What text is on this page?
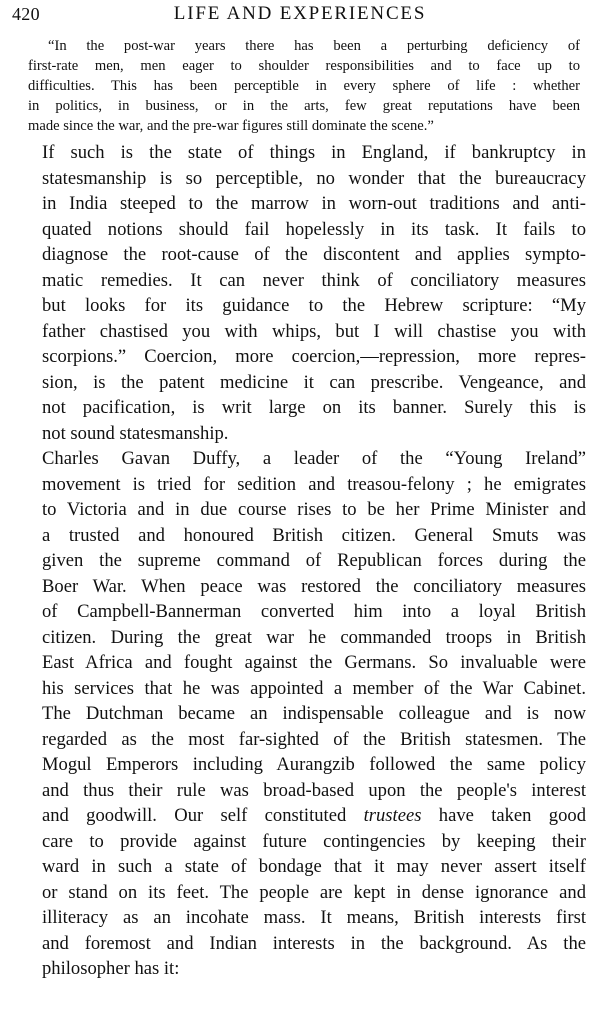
420	LIFE AND EXPERIENCES

“In the post-war years there has been a perturbing deficiency of
first-rate men, men eager to shoulder responsibilities and to face up to
difficulties. This has been perceptible in every sphere of life : whether
in politics, in business, or in the arts, few great reputations have been
made since the war, and the pre-war figures still dominate the scene.”

If such is the state of things in England, if bankruptcy in
statesmanship is so perceptible, no wonder that the bureaucracy
in India steeped to the marrow in worn-out traditions and anti-
quated notions should fail hopelessly in its task. It fails to
diagnose the root-cause of the discontent and applies sympto-
matic remedies. It can never think of conciliatory measures
but looks for its guidance to the Hebrew scripture: “My
father chastised you with whips, but I will chastise you with
scorpions.” Coercion, more coercion,—repression, more repres-
sion, is the patent medicine it can prescribe. Vengeance, and
not pacification, is writ large on its banner. Surely this is
not sound statesmanship.

Charles Gavan Duffy, a leader of the “Young Ireland”
movement is tried for sedition and treasou-felony ; he emigrates
to Victoria and in due course rises to be her Prime Minister and
a trusted and honoured British citizen. General Smuts was
given the supreme command of Republican forces during the
Boer War. When peace was restored the conciliatory measures
of Campbell-Bannerman converted him into a loyal British
citizen. During the great war he commanded troops in British
East Africa and fought against the Germans. So invaluable were
his services that he was appointed a member of the War Cabinet.
The Dutchman became an indispensable colleague and is now
regarded as the most far-sighted of the British statesmen. The
Mogul Emperors including Aurangzib followed the same policy
and thus their rule was broad-based upon the people's interest
and goodwill. Our self constituted trustees have taken good
care to provide against future contingencies by keeping their
ward in such a state of bondage that it may never assert itself
or stand on its feet. The people are kept in dense ignorance and
illiteracy as an incohate mass. It means, British interests first
and foremost and Indian interests in the background. As the
philosopher has it:
